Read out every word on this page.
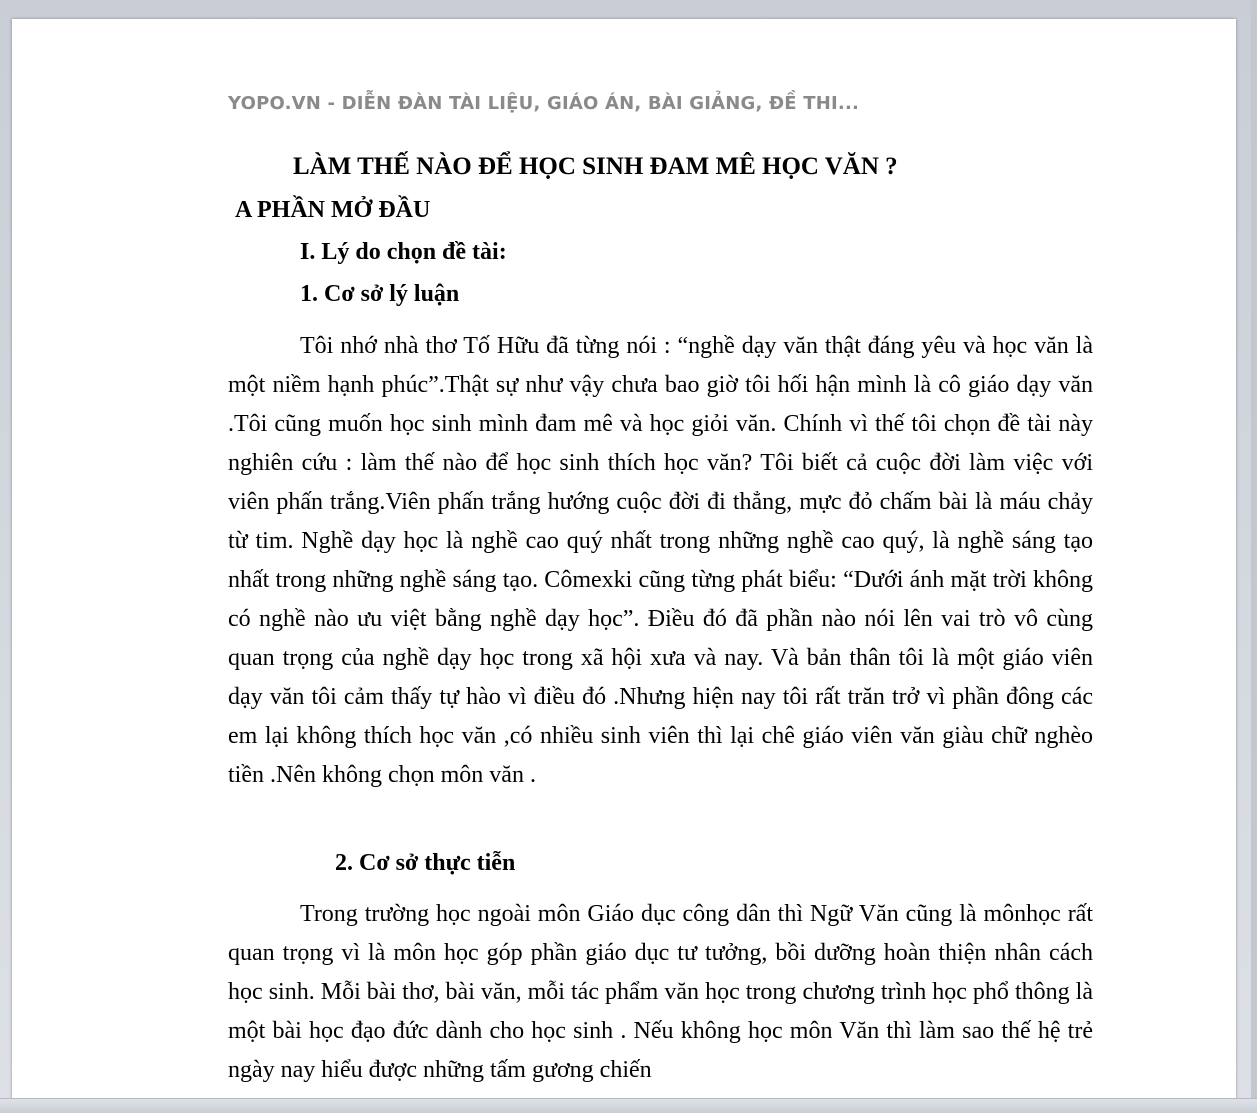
YOPO.VN - DIỄN ĐÀN TÀI LIỆU, GIÁO ÁN, BÀI GIẢNG, ĐỀ THI...
LÀM THẾ NÀO ĐỂ HỌC SINH ĐAM MÊ HỌC VĂN ?
A PHẦN MỞ ĐẦU
I. Lý do chọn đề tài:
1. Cơ sở lý luận
Tôi nhớ nhà thơ Tố Hữu đã từng nói : “nghề dạy văn thật đáng yêu và học văn là một niềm hạnh phúc”.Thật sự như vậy chưa bao giờ tôi hối hận mình là cô giáo dạy văn .Tôi cũng muốn học sinh mình đam mê và học giỏi văn. Chính vì thế tôi chọn đề tài này nghiên cứu : làm thế nào để học sinh thích học văn? Tôi biết cả cuộc đời làm việc với viên phấn trắng.Viên phấn trắng hướng cuộc đời đi thẳng, mực đỏ chấm bài là máu chảy từ tim. Nghề dạy học là nghề cao quý nhất trong những nghề cao quý, là nghề sáng tạo nhất trong những nghề sáng tạo. Cômexki cũng từng phát biểu: “Dưới ánh mặt trời không có nghề nào ưu việt bằng nghề dạy học”. Điều đó đã phần nào nói lên vai trò vô cùng quan trọng của nghề dạy học trong xã hội xưa và nay. Và bản thân tôi là một giáo viên dạy văn tôi cảm thấy tự hào vì điều đó .Nhưng hiện nay tôi rất trăn trở vì phần đông các em lại không thích học văn ,có nhiều sinh viên thì lại chê giáo viên văn giàu chữ nghèo tiền .Nên không chọn môn văn .
2. Cơ sở thực tiễn
Trong trường học ngoài môn Giáo dục công dân thì Ngữ Văn cũng là mônhọc rất quan trọng vì là môn học góp phần giáo dục tư tưởng, bồi dưỡng hoàn thiện nhân cách học sinh. Mỗi bài thơ, bài văn, mỗi tác phẩm văn học trong chương trình học phổ thông là một bài học đạo đức dành cho học sinh . Nếu không học môn Văn thì làm sao thế hệ trẻ ngày nay hiểu được những tấm gương chiến
